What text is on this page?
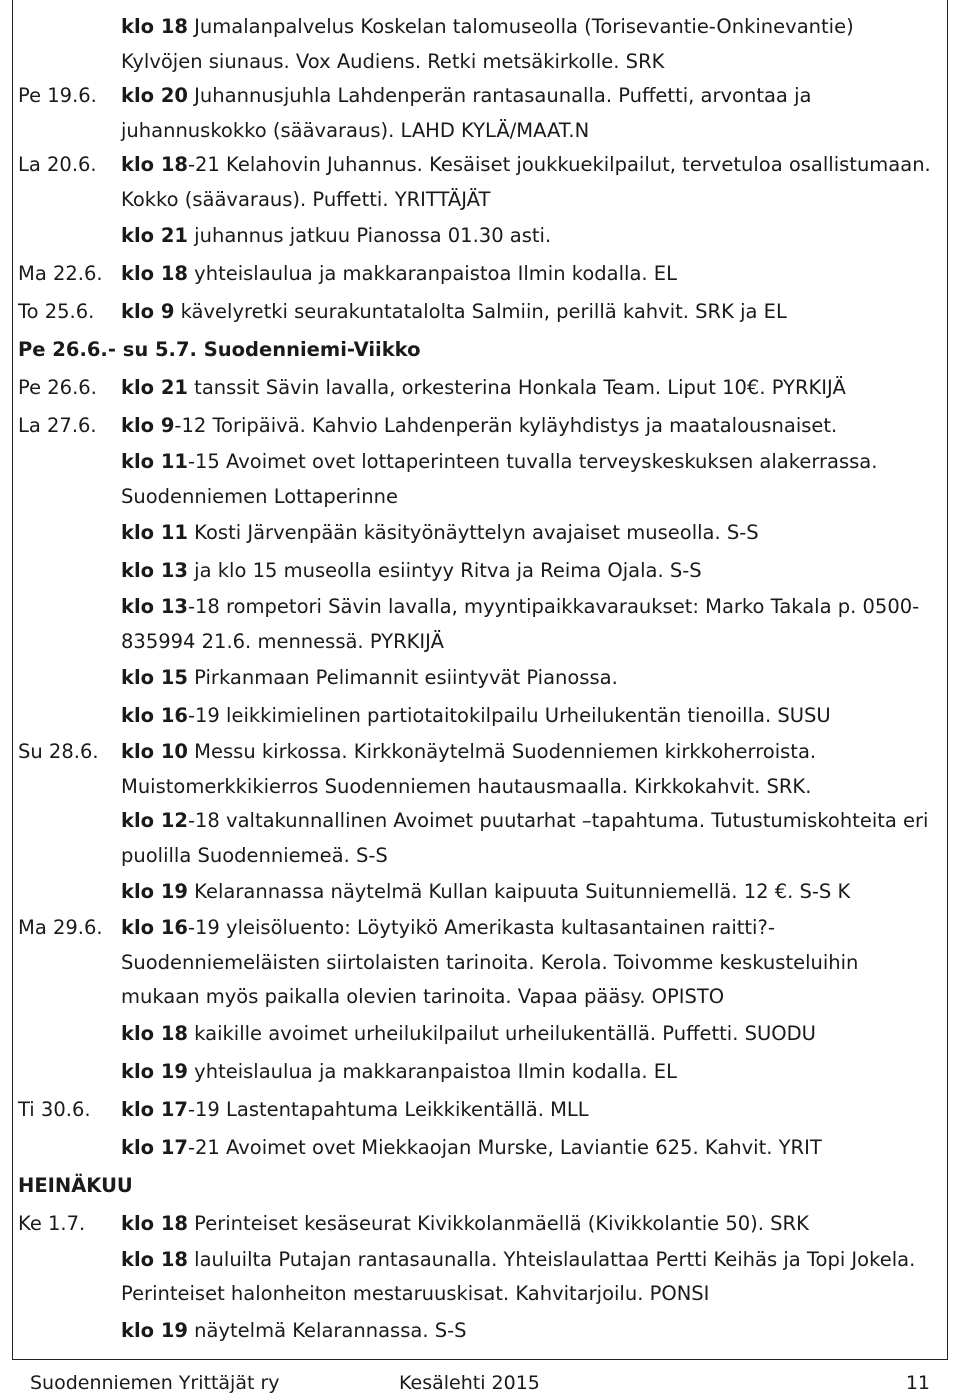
klo 18 Jumalanpalvelus Koskelan talomuseolla (Torisevantie-Onkinevantie) Kylvöjen siunaus. Vox Audiens. Retki metsäkirkolle. SRK
Pe 19.6.	klo 20 Juhannusjuhla Lahdenperän rantasaunalla. Puffetti, arvontaa ja juhannuskokko (säävaraus). LAHD KYLÄ/MAAT.N
La 20.6.	klo 18-21 Kelahovin Juhannus. Kesäiset joukkuekilpailut, tervetuloa osallistumaan. Kokko (säävaraus). Puffetti. YRITTÄJÄT
klo 21 juhannus jatkuu Pianossa 01.30 asti.
Ma 22.6. klo 18 yhteislaulua ja makkaranpaistoa Ilmin kodalla. EL
To 25.6.	klo 9 kävelyretki seurakuntatalolta Salmiin, perillä kahvit. SRK ja EL
Pe 26.6.- su 5.7. Suodenniemi-Viikko
Pe 26.6.	klo 21 tanssit Sävin lavalla, orkesterina Honkala Team. Liput 10€. PYRKIJÄ
La 27.6.	klo 9-12 Toripäivä. Kahvio Lahdenperän kyläyhdistys ja maatalousnaiset.
klo 11-15 Avoimet ovet lottaperinteen tuvalla terveyskeskuksen alakerrassa. Suodenniemen Lottaperinne
klo 11 Kosti Järvenpään käsityönäyttelyn avajaiset museolla. S-S
klo 13 ja klo 15 museolla esiintyy Ritva ja Reima Ojala. S-S
klo 13-18 rompetori Sävin lavalla, myyntipaikkavaraukset: Marko Takala p. 0500-835994 21.6. mennessä. PYRKIJÄ
klo 15 Pirkanmaan Pelimannit esiintyvät Pianossa.
klo 16-19 leikkimielinen partiotaitokilpailu Urheilukentän tienoilla. SUSU
Su 28.6.	klo 10 Messu kirkossa. Kirkkonäytelmä Suodenniemen kirkkoherroista. Muistomerkkikierros Suodenniemen hautausmaalla. Kirkkokahvit. SRK.
klo 12-18 valtakunnallinen Avoimet puutarhat –tapahtuma. Tutustumiskohteita eri puolilla Suodenniemeä. S-S
klo 19 Kelarannassa näytelmä Kullan kaipuuta Suitunniemellä. 12 €. S-S K
Ma 29.6. klo 16-19 yleisöluento: Löytyikö Amerikasta kultasantainen raitti?- Suodenniemeläisten siirtolaisten tarinoita. Kerola. Toivomme keskusteluihin mukaan myös paikalla olevien tarinoita. Vapaa pääsy. OPISTO
klo 18 kaikille avoimet urheilukilpailut urheilukentällä. Puffetti. SUODU
klo 19 yhteislaulua ja makkaranpaistoa Ilmin kodalla. EL
Ti 30.6.	klo 17-19 Lastentapahtuma Leikkikentällä. MLL
klo 17-21 Avoimet ovet Miekkaojan Murske, Laviantie 625. Kahvit. YRIT
HEINÄKUU
Ke 1.7.	klo 18 Perinteiset kesäseurat Kivikkolanmäellä (Kivikkolantie 50). SRK
klo 18 lauluilta Putajan rantasaunalla. Yhteislaulattaa Pertti Keihäs ja Topi Jokela. Perinteiset halonheiton mestaruuskisat. Kahvitarjoilu. PONSI
klo 19 näytelmä Kelarannassa. S-S
Suodenniemen Yrittäjät ry	Kesälehti 2015	11
